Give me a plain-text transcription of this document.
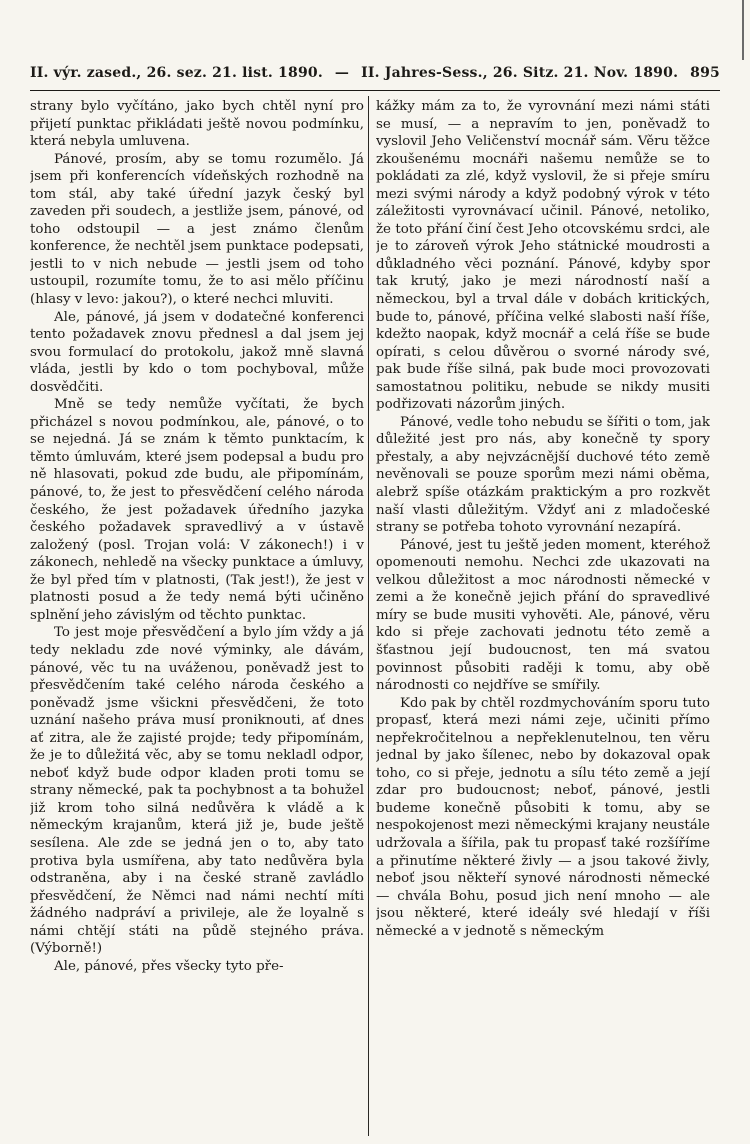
II. výr. zased., 26. sez. 21. list. 1890. — II. Jahres-Sess., 26. Sitz. 21. Nov. 1890. 895

strany bylo vyčítáno, jako bych chtěl nyní pro přijetí punktac přikládati ještě novou podmínku, která nebyla umluvena.

Pánové, prosím, aby se tomu rozumělo. Já jsem při konferencích vídeňských rozhodně na tom stál, aby také úřední jazyk český byl zaveden při soudech, a jestliže jsem, pánové, od toho odstoupil — a jest známo členům konference, že nechtěl jsem punktace podepsati, jestli to v nich nebude — jestli jsem od toho ustoupil, rozumíte tomu, že to asi mělo příčinu (hlasy v levo: jakou?), o které nechci mluviti.

Ale, pánové, já jsem v dodatečné konferenci tento požadavek znovu přednesl a dal jsem jej svou formulací do protokolu, jakož mně slavná vláda, jestli by kdo o tom pochyboval, může dosvědčiti.

Mně se tedy nemůže vyčítati, že bych přicházel s novou podmínkou, ale, pánové, o to se nejedná. Já se znám k těmto punktacím, k těmto úmluvám, které jsem podepsal a budu pro ně hlasovati, pokud zde budu, ale připomínám, pánové, to, že jest to přesvědčení celého národa českého, že jest požadavek úředního jazyka českého požadavek spravedlivý a v ústavě založený (posl. Trojan volá: V zákonech!) i v zákonech, nehledě na všecky punktace a úmluvy, že byl před tím v platnosti, (Tak jest!), že jest v platnosti posud a že tedy nemá býti učiněno splnění jeho závislým od těchto punktac.

To jest moje přesvědčení a bylo jím vždy a já tedy nekladu zde nové výminky, ale dávám, pánové, věc tu na uváženou, poněvadž jest to přesvědčením také celého národa českého a poněvadž jsme všickni přesvědčeni, že toto uznání našeho práva musí proniknouti, ať dnes ať zitra, ale že zajisté projde; tedy připomínám, že je to důležitá věc, aby se tomu nekladl odpor, neboť když bude odpor kladen proti tomu se strany německé, pak ta pochybnost a ta bohužel již krom toho silná nedůvěra k vládě a k německým krajanům, která již je, bude ještě sesílena. Ale zde se jedná jen o to, aby tato protiva byla usmířena, aby tato nedůvěra byla odstraněna, aby i na české straně zavládlo přesvědčení, že Němci nad námi nechtí míti žádného nadpráví a privileje, ale že loyalně s námi chtějí státi na půdě stejného práva. (Výborně!)

Ale, pánové, přes všecky tyto pře-

kážky mám za to, že vyrovnání mezi námi státi se musí, — a nepravím to jen, poněvadž to vyslovil Jeho Veličenství mocnář sám. Věru těžce zkoušenému mocnáři našemu nemůže se to pokládati za zlé, když vyslovil, že si přeje smíru mezi svými národy a když podobný výrok v této záležitosti vyrovnávací učinil. Pánové, netoliko, že toto přání činí čest Jeho otcovskému srdci, ale je to zároveň výrok Jeho státnické moudrosti a důkladného věci poznání. Pánové, kdyby spor tak krutý, jako je mezi národností naší a německou, byl a trval dále v dobách kritických, bude to, pánové, příčina velké slabosti naší říše, kdežto naopak, když mocnář a celá říše se bude opírati, s celou důvěrou o svorné národy své, pak bude říše silná, pak bude moci provozovati samostatnou politiku, nebude se nikdy musiti podřizovati názorům jiných.

Pánové, vedle toho nebudu se šířiti o tom, jak důležité jest pro nás, aby konečně ty spory přestaly, a aby nejvzácnější duchové této země nevěnovali se pouze sporům mezi námi oběma, alebrž spíše otázkám praktickým a pro rozkvět naší vlasti důležitým. Vždyť ani z mladočeské strany se potřeba tohoto vyrovnání nezapírá.

Pánové, jest tu ještě jeden moment, kteréhož opomenouti nemohu. Nechci zde ukazovati na velkou důležitost a moc národnosti německé v zemi a že konečně jejich přání do spravedlivé míry se bude musiti vyhověti. Ale, pánové, věru kdo si přeje zachovati jednotu této země a šťastnou její budoucnost, ten má svatou povinnost působiti raději k tomu, aby obě národnosti co nejdříve se smířily.

Kdo pak by chtěl rozdmychováním sporu tuto propasť, která mezi námi zeje, učiniti přímo nepřekročitelnou a nepřeklenutelnou, ten věru jednal by jako šílenec, nebo by dokazoval opak toho, co si přeje, jednotu a sílu této země a její zdar pro budoucnost; neboť, pánové, jestli budeme konečně působiti k tomu, aby se nespokojenost mezi německými krajany neustále udržovala a šířila, pak tu propasť také rozšíříme a přinutíme některé živly — a jsou takové živly, neboť jsou někteří synové národnosti německé — chvála Bohu, posud jich není mnoho — ale jsou některé, které ideály své hledají v říši německé a v jednotě s německým
